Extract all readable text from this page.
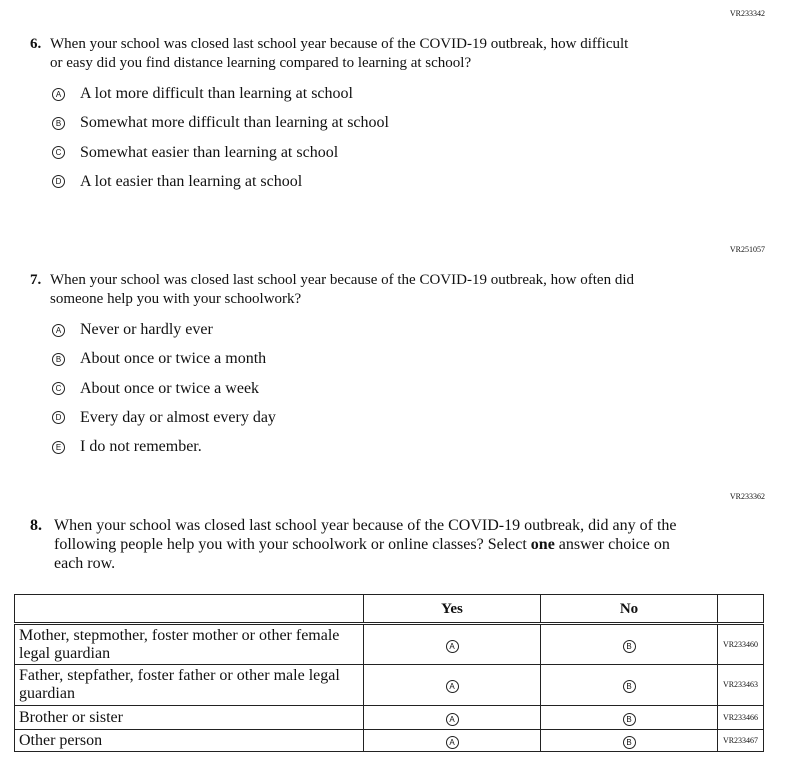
VR233342
6. When your school was closed last school year because of the COVID-19 outbreak, how difficult
or easy did you find distance learning compared to learning at school?
A A lot more difficult than learning at school
B Somewhat more difficult than learning at school
C Somewhat easier than learning at school
D A lot easier than learning at school
VR251057
7. When your school was closed last school year because of the COVID-19 outbreak, how often did
someone help you with your schoolwork?
A Never or hardly ever
B About once or twice a month
C About once or twice a week
D Every day or almost every day
E I do not remember.
VR233362
8. When your school was closed last school year because of the COVID-19 outbreak, did any of the following people help you with your schoolwork or online classes? Select one answer choice on each row.
	Yes	No	
Mother, stepmother, foster mother or other female legal guardian	A	B	VR233460
Father, stepfather, foster father or other male legal guardian	A	B	VR233463
Brother or sister	A	B	VR233466
Other person	A	B	VR233467
